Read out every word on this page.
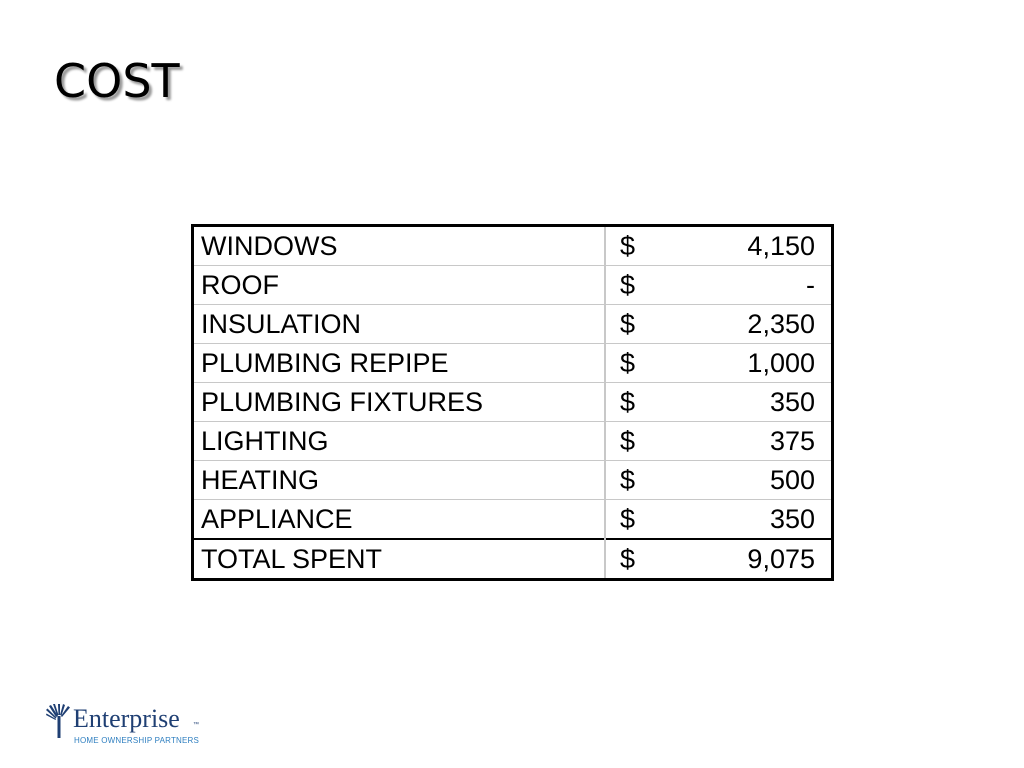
COST
WINDOWS	$ 4,150

ROOF	$ -

INSULATION	$ 2,350

PLUMBING REPIPE	$ 1,000

PLUMBING FIXTURES	$ 350

LIGHTING	$ 375

HEATING	$ 500

APPLIANCE	$ 350

TOTAL SPENT	$ 9,075
Enterprise ™
HOME OWNERSHIP PARTNERS
